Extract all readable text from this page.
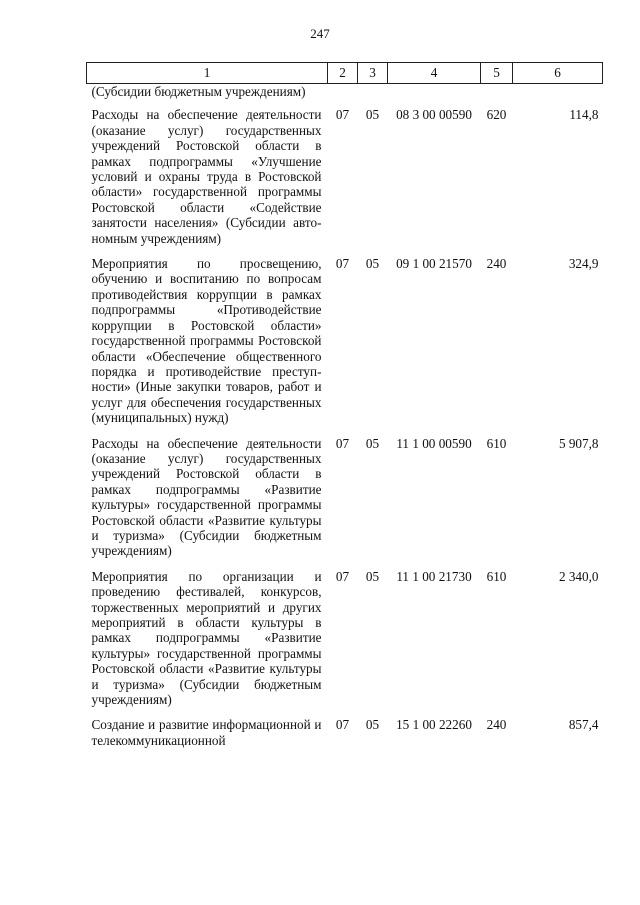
247
1	2	3	4	5	6
(Субсидии бюджетным учреждениям)					
Расходы на обеспечение деятельности (оказание услуг) государственных учреждений Ростовской области в рамках подпрограммы «Улучшение условий и охраны труда в Ростовской области» государственной программы Ростовской области «Содействие занятости населения» (Субсидии автономным учреждениям)	07	05	08 3 00 00590	620	114,8
Мероприятия по просвещению, обучению и воспитанию по вопросам противодействия коррупции в рамках подпрограммы «Противодействие коррупции в Ростовской области» государственной программы Ростовской области «Обеспечение общественного порядка и противодействие преступности» (Иные закупки товаров, работ и услуг для обеспечения государственных (муниципальных) нужд)	07	05	09 1 00 21570	240	324,9
Расходы на обеспечение деятельности (оказание услуг) государственных учреждений Ростовской области в рамках подпрограммы «Развитие культуры» государственной программы Ростовской области «Развитие культуры и туризма» (Субсидии бюджетным учреждениям)	07	05	11 1 00 00590	610	5 907,8
Мероприятия по организации и проведению фестивалей, конкурсов, торжественных мероприятий и других мероприятий в области культуры в рамках подпрограммы «Развитие культуры» государственной программы Ростовской области «Развитие культуры и туризма» (Субсидии бюджетным учреждениям)	07	05	11 1 00 21730	610	2 340,0
Создание и развитие информационной и телекоммуникационной	07	05	15 1 00 22260	240	857,4
